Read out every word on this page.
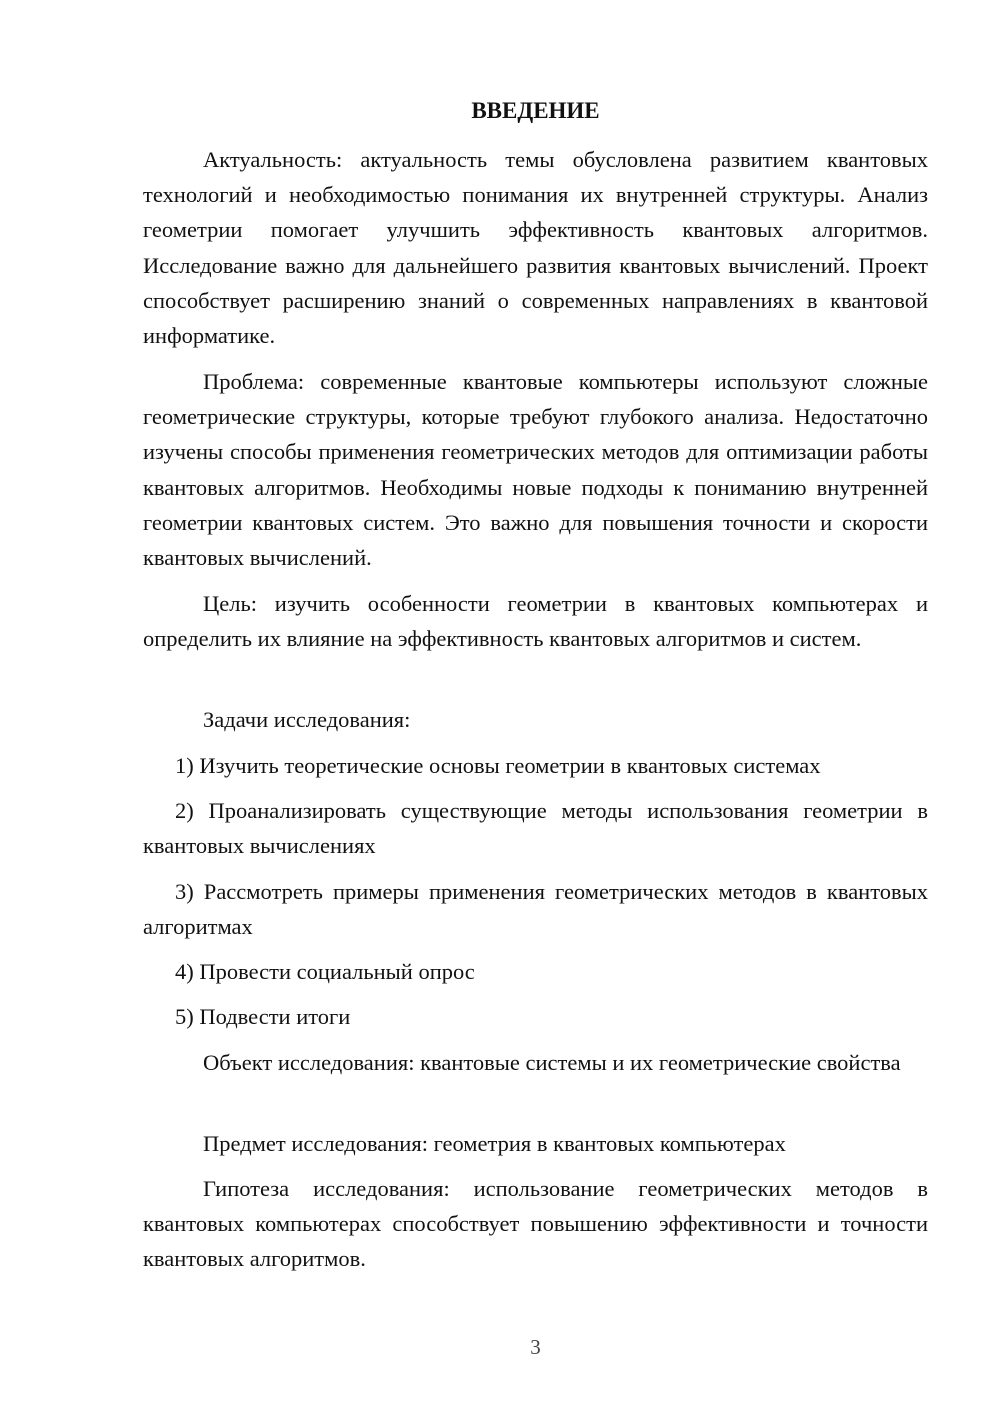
ВВЕДЕНИЕ

Актуальность: актуальность темы обусловлена развитием квантовых технологий и необходимостью понимания их внутренней структуры. Анализ геометрии помогает улучшить эффективность квантовых алгоритмов. Исследование важно для дальнейшего развития квантовых вычислений. Проект способствует расширению знаний о современных направлениях в квантовой информатике.

Проблема: современные квантовые компьютеры используют сложные геометрические структуры, которые требуют глубокого анализа. Недостаточно изучены способы применения геометрических методов для оптимизации работы квантовых алгоритмов. Необходимы новые подходы к пониманию внутренней геометрии квантовых систем. Это важно для повышения точности и скорости квантовых вычислений.

Цель: изучить особенности геометрии в квантовых компьютерах и определить их влияние на эффективность квантовых алгоритмов и систем.

Задачи исследования:

1) Изучить теоретические основы геометрии в квантовых системах

2) Проанализировать существующие методы использования геометрии в квантовых вычислениях

3) Рассмотреть примеры применения геометрических методов в квантовых алгоритмах

4) Провести социальный опрос

5) Подвести итоги

Объект исследования: квантовые системы и их геометрические свойства

Предмет исследования: геометрия в квантовых компьютерах

Гипотеза исследования: использование геометрических методов в квантовых компьютерах способствует повышению эффективности и точности квантовых алгоритмов.

3
